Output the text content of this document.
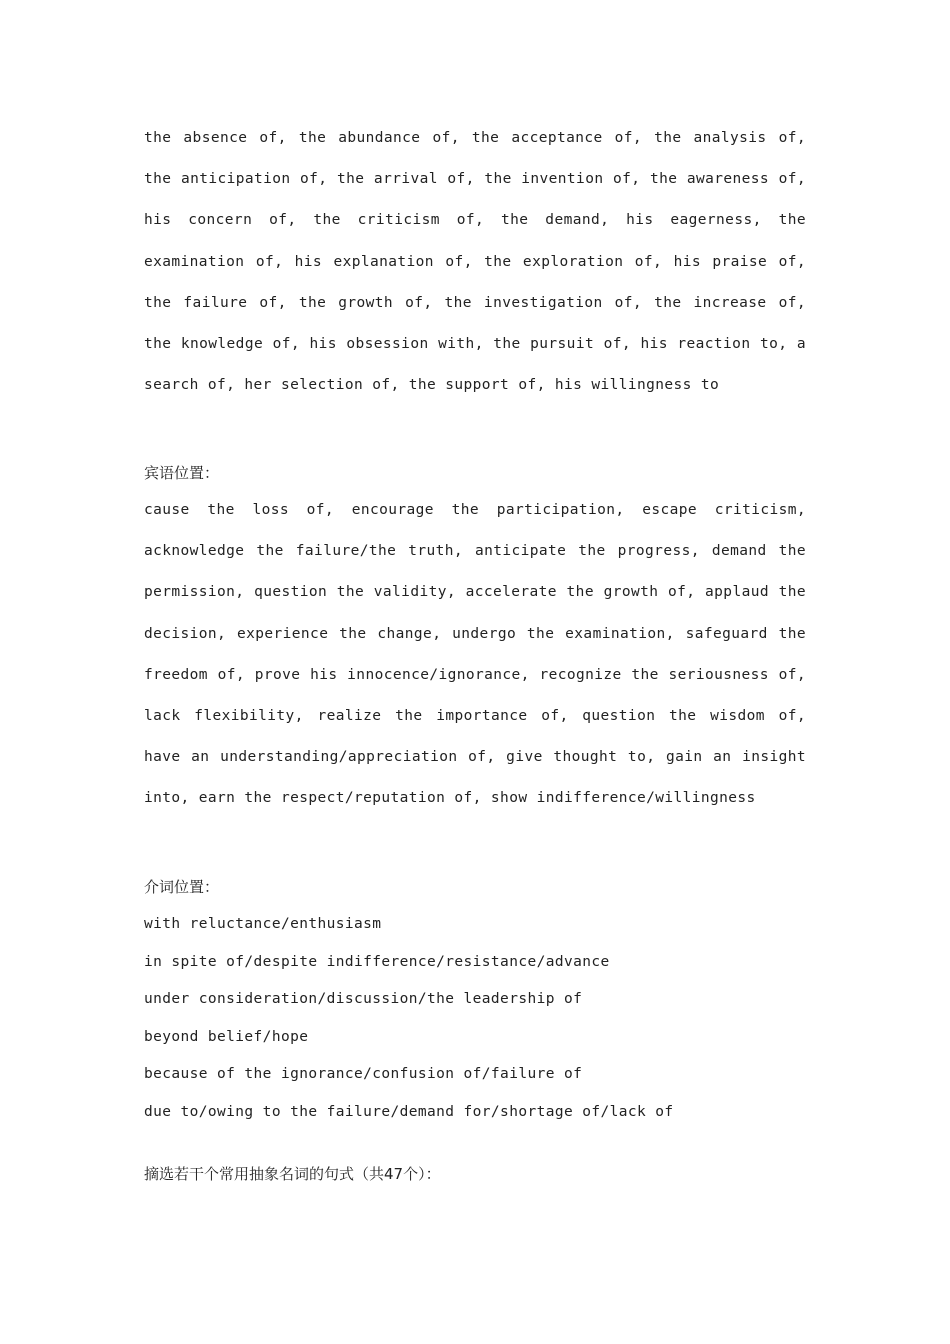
the absence of, the abundance of, the acceptance of, the analysis of, the anticipation of, the arrival of, the invention of, the awareness of, his concern of, the criticism of, the demand, his eagerness, the examination of, his explanation of, the exploration of, his praise of, the failure of, the growth of, the investigation of, the increase of, the knowledge of, his obsession with, the pursuit of, his reaction to, a search of, her selection of, the support of, his willingness to

宾语位置：

cause the loss of, encourage the participation, escape criticism, acknowledge the failure/the truth, anticipate the progress, demand the permission, question the validity, accelerate the growth of, applaud the decision, experience the change, undergo the examination, safeguard the freedom of, prove his innocence/ignorance, recognize the seriousness of, lack flexibility, realize the importance of, question the wisdom of, have an understanding/appreciation of, give thought to, gain an insight into, earn the respect/reputation of, show indifference/willingness

介词位置：

with reluctance/enthusiasm

in spite of/despite indifference/resistance/advance

under consideration/discussion/the leadership of

beyond belief/hope

because of the ignorance/confusion of/failure of

due to/owing to the failure/demand for/shortage of/lack of

摘选若干个常用抽象名词的句式（共47个）：
